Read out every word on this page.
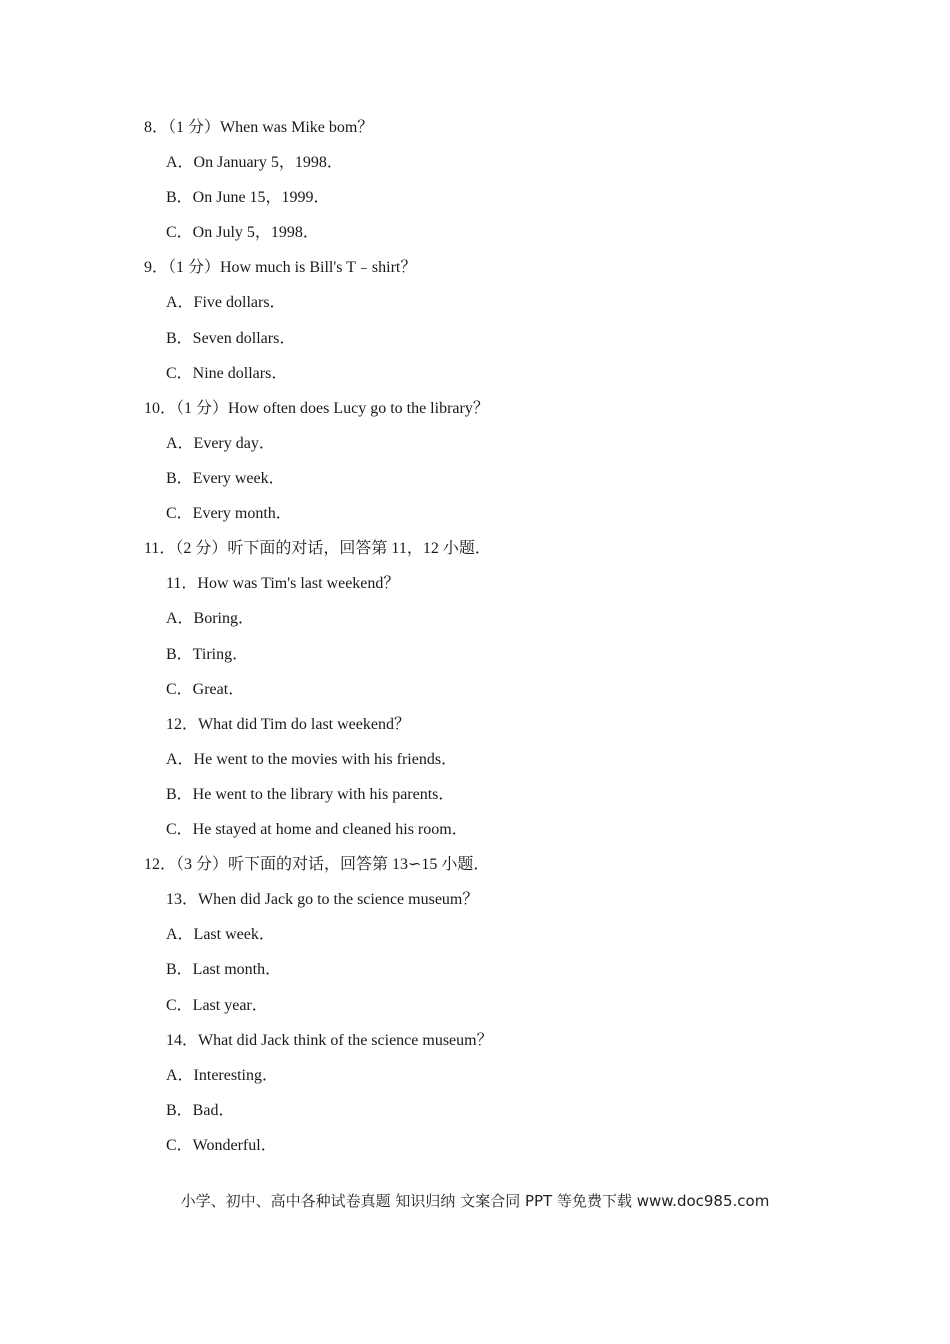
8．（1 分）When was Mike bom？
A．On January 5，1998．
B．On June 15，1999．
C．On July 5，1998．
9．（1 分）How much is Bill's T﹣shirt？
A．Five dollars．
B．Seven dollars．
C．Nine dollars．
10．（1 分）How often does Lucy go to the library？
A．Every day．
B．Every week．
C．Every month．
11．（2 分）听下面的对话，回答第 11，12 小题．
11．How was Tim's last weekend？
A．Boring．
B．Tiring．
C．Great．
12．What did Tim do last weekend？
A．He went to the movies with his friends．
B．He went to the library with his parents．
C．He stayed at home and cleaned his room．
12．（3 分）听下面的对话，回答第 13∽15 小题．
13．When did Jack go to the science museum？
A．Last week．
B．Last month．
C．Last year．
14．What did Jack think of the science museum？
A．Interesting．
B．Bad．
C．Wonderful．
小学、初中、高中各种试卷真题 知识归纳 文案合同 PPT 等免费下载 www.doc985.com
